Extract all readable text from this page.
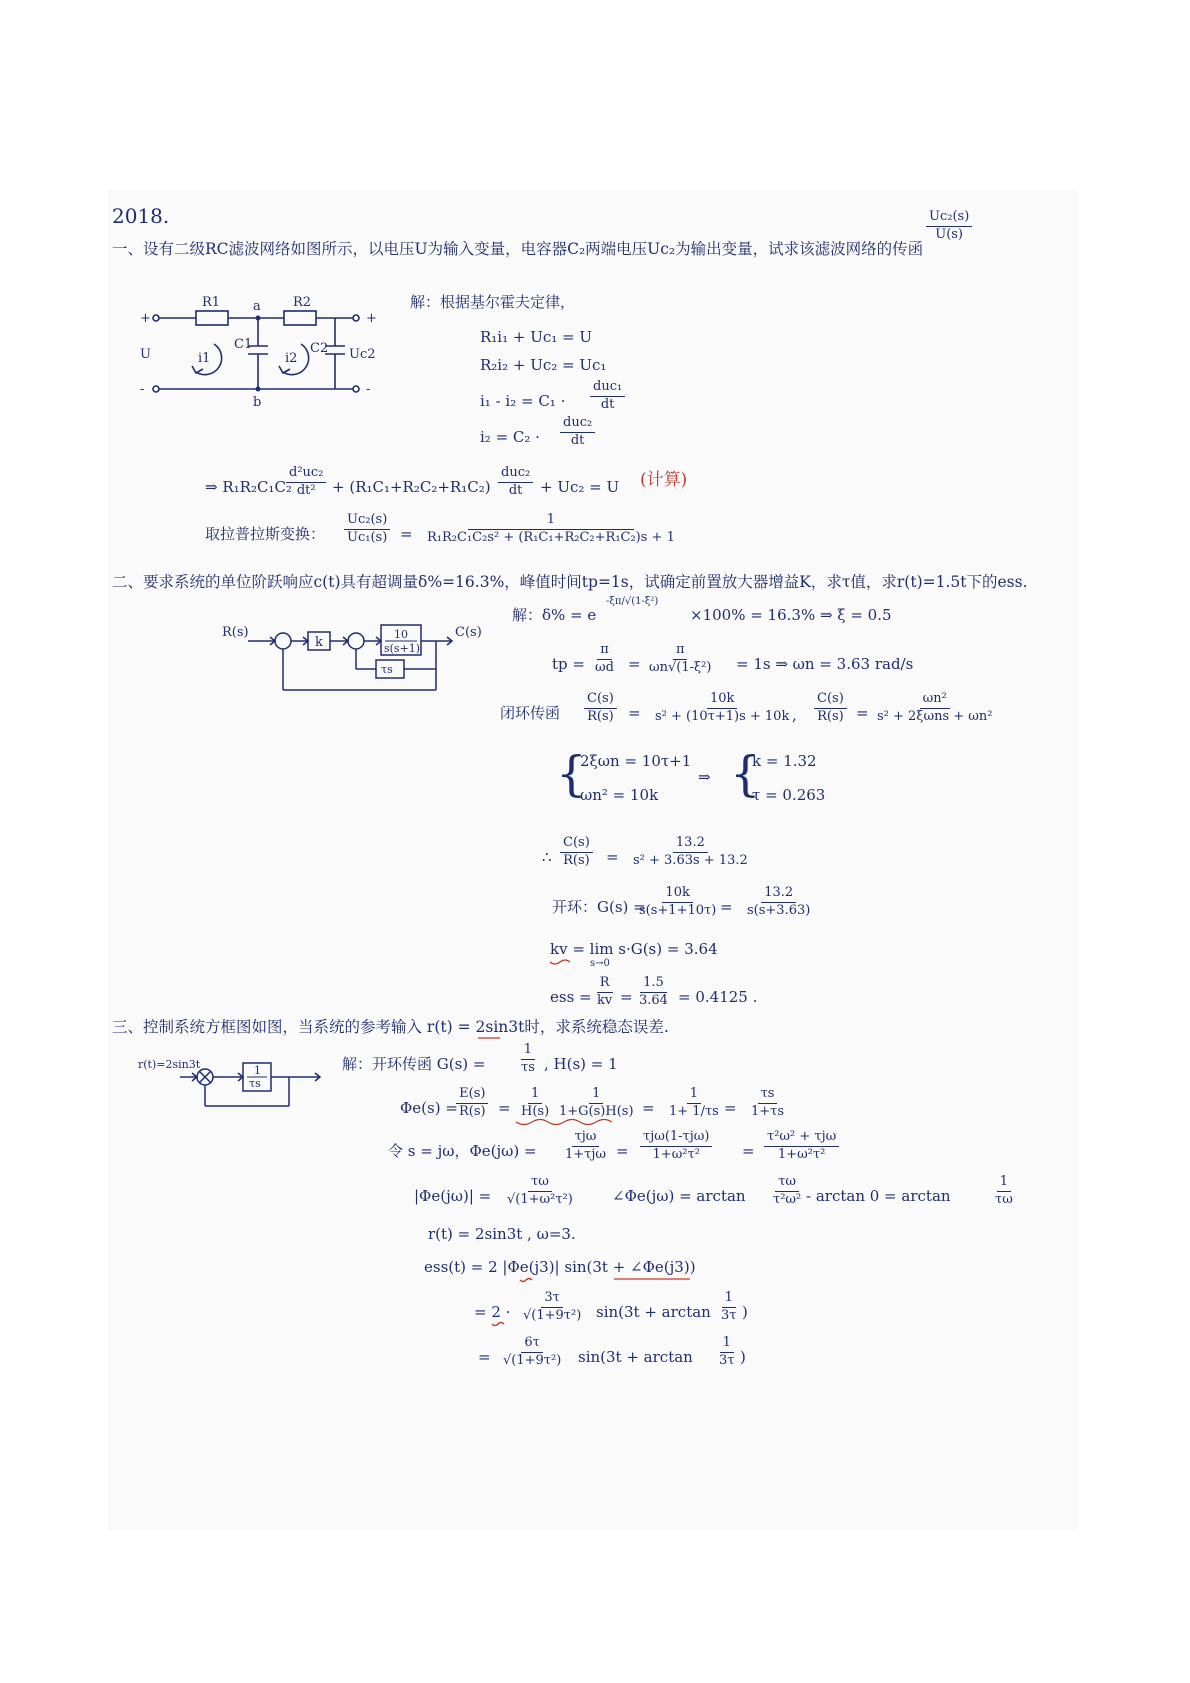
2018.
一、设有二级RC滤波网络如图所示，以电压U为输入变量，电容器C₂两端电压Uc₂为输出变量，试求该滤波网络的传函
Uc₂(s)
U(s)
+
-
+
-
R1	R2
a
b
C1	C2
U	Uc2
i1	i2
解：根据基尔霍夫定律，
R₁i₁ + Uc₁ = U
R₂i₂ + Uc₂ = Uc₁
i₁ - i₂ = C₁ ·
duc₁
dt
i₂ = C₂ ·
duc₂
dt
⇒ R₁R₂C₁C₂
d²uc₂
dt² + (R₁C₁+R₂C₂+R₁C₂)
duc₂
dt + Uc₂ = U (计算)
取拉普拉斯变换：
Uc₂(s)
Uc₁(s) =
1
R₁R₂C₁C₂s² + (R₁C₁+R₂C₂+R₁C₂)s + 1
二、要求系统的单位阶跃响应c(t)具有超调量δ%=16.3%，峰值时间tp=1s，试确定前置放大器增益K，求τ值，求r(t)=1.5t下的ess.
R(s)	C(s)
k
10
s(s+1)
τs
解：δ% = e
-ξπ/√(1-ξ²)
×100% = 16.3% ⇒ ξ = 0.5
tp =
π
ωd =
π
ωn√(1-ξ²) = 1s ⇒ ωn = 3.63 rad/s
闭环传函
C(s)
R(s) =
10k
s² + (10τ+1)s + 10k ,
C(s)
R(s) =
ωn²
s² + 2ξωns + ωn²
{
2ξωn = 10τ+1
ωn² = 10k
⇒ {
k = 1.32
τ = 0.263
∴
C(s)
R(s) =
13.2
s² + 3.63s + 13.2
开环：G(s) =
10k
s(s+1+10τ) =
13.2
s(s+3.63)
kv = lim s·G(s) = 3.64
s→0
ess =
R
kv =
1.5
3.64 = 0.4125 .
三、控制系统方框图如图，当系统的参考输入 r(t) = 2sin3t时，求系统稳态误差.
r(t)=2sin3t	1
τs
解：开环传函 G(s) =
1
τs , H(s) = 1
Φe(s) =
E(s)
R(s) =
1
H(s)
1
1+G(s)H(s) =
1
1+ 1/τs =
τs
1+τs
令 s = jω，Φe(jω) =
τjω
1+τjω =
τjω(1-τjω)
1+ω²τ²	=
τ²ω² + τjω
1+ω²τ²
|Φe(jω)| =
τω
√(1+ω²τ²)	∠Φe(jω) = arctan
τω
τ²ω² - arctan 0 = arctan
1
τω
r(t) = 2sin3t , ω=3.
ess(t) = 2 |Φe(j3)| sin(3t + ∠Φe(j3))
= 2 ·
3τ
√(1+9τ²) sin(3t + arctan
1
3τ )
=
6τ
√(1+9τ²) sin(3t + arctan
1
3τ )
